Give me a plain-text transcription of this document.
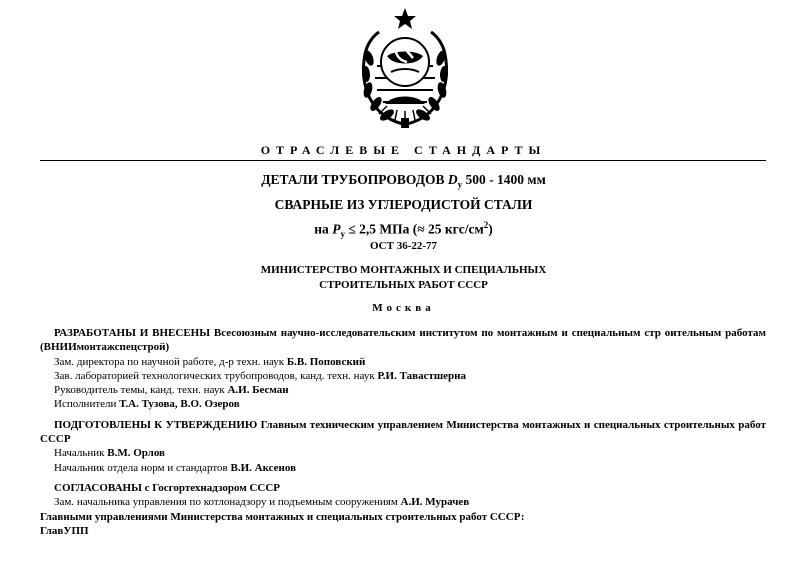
ОТРАСЛЕВЫЕ СТАНДАРТЫ
ДЕТАЛИ ТРУБОПРОВОДОВ $D_y$ 500 - 1400 мм
СВАРНЫЕ ИЗ УГЛЕРОДИСТОЙ СТАЛИ
на $P_y \le 2,5$ МПа (≈ 25 кгс/$см^2$)
ОСТ 36-22-77
МИНИСТЕРСТВО МОНТАЖНЫХ И СПЕЦИАЛЬНЫХ
СТРОИТЕЛЬНЫХ РАБОТ СССР
Москва

РАЗРАБОТАНЫ И ВНЕСЕНЫ Всесоюзным научно-исследовательским институтом по монтажным и специальным стр оительным работам (ВНИИмонтажспецстрой)

Зам. директора по научной работе, д-р техн. наук Б.В. Поповский

Зав. лабораторией технологических трубопроводов, канд. техн. наук Р.И. Тавастшерна

Руководитель темы, канд. техн. наук А.И. Бесман

Исполнители Т.А. Тузова, В.О. Озеров

ПОДГОТОВЛЕНЫ К УТВЕРЖДЕНИЮ Главным техническим управлением Министерства монтажных и специальных строительных работ СССР

Начальник В.М. Орлов

Начальник отдела норм и стандартов В.И. Аксенов

СОГЛАСОВАНЫ с Госгортехнадзором СССР

Зам. начальника управления по котлонадзору и подъемным сооружениям А.И. Мурачев

Главными управлениями Министерства монтажных и специальных строительных работ СССР:

ГлавУПП
